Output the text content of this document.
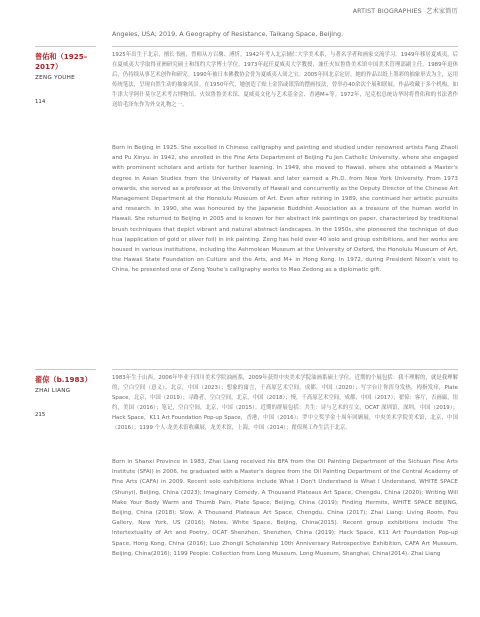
ARTIST BIOGRAPHIES 艺术家简历
Angeles, USA; 2019, A Geography of Resistance, Taikang Space, Beijing.
曾佑和（1925–2017）
ZENG YOUHE
114
1925年出生于北京，擅长书画，曾师从方召麐、溥忻。1942年考入北京辅仁大学美术系，与著名学者和画家交流学习。1949年移居夏威夷，后在夏威夷大学取得亚洲研究硕士和纽约大学博士学位。1973年起任夏威夷大学教授，兼任火奴鲁鲁美术馆中国美术管理部副主任。1989年退休后，仍持续从事艺术创作和研究。1990年被日本佛教协会誉为夏威夷人间之宝。2005年回北京定居。她的作品以纸上墨彩的抽象形式为主，运用传统笔法，呈现自然生动的抽象风景。在1950年代，她创造了贴上金箔或银箔的摆画技法，曾举办40余次个展和联展，作品收藏于多个机构，如牛津大学阿什莫尔艺术考古博物馆、火奴鲁鲁美术馆、夏威夷文化与艺术基金会、香港M+等。1972年，尼克松总统访华时将曾佑和的书法著作送给毛泽东作为外交礼物之一。
Born in Beijing in 1925. She excelled in Chinese calligraphy and painting and studied under renowned artists Fang Zhaoli and Pu Xinyu. In 1942, she enrolled in the Fine Arts Department of Beijing Fu Jen Catholic University, where she engaged with prominent scholars and artists for further learning. In 1949, she moved to Hawaii, where she obtained a Master's degree in Asian Studies from the University of Hawaii and later earned a Ph.D. from New York University. From 1973 onwards, she served as a professor at the University of Hawaii and concurrently as the Deputy Director of the Chinese Art Management Department at the Honolulu Museum of Art. Even after retiring in 1989, she continued her artistic pursuits and research. In 1990, she was honoured by the Japanese Buddhist Association as a treasure of the human world in Hawaii. She returned to Beijing in 2005 and is known for her abstract ink paintings on paper, characterized by traditional brush techniques that depict vibrant and natural abstract landscapes. In the 1950s, she pioneered the technique of duo hua (application of gold or silver foil) in ink painting. Zeng has held over 40 solo and group exhibitions, and her works are housed in various institutions, including the Ashmolean Museum at the University of Oxford, the Honolulu Museum of Art, the Hawaii State Foundation on Culture and the Arts, and M+ in Hong Kong. In 1972, during President Nixon's visit to China, he presented one of Zeng Youhe's calligraphy works to Mao Zedong as a diplomatic gift.
翟倞（b.1983）
ZHAI LIANG
215
1983年生于山西。2006年毕业于四川美术学院油画系，2009年获得中央美术学院油画系硕士学位。近期的个展包括：我不理解的，就是我理解的，空白空间（意义），北京，中国（2023）；想象的寓言，千高原艺术空间，成都，中国（2020）；写字台让你浑身发热，拇指发痒，Plate Space，北京，中国（2019）；寻路者，空白空间，北京，中国（2018）；慢，千高原艺术空间，成都，中国（2017）；翟倞：客厅，否画廊，纽约，美国（2016）；笔记，空白空间，北京，中国（2015）。近期的群展包括：共生：诗与艺术的互文，OCAT 深圳馆，深圳，中国（2019）；Hack Space，K11 Art Foundation Pop-up Space，香港，中国（2016）；罗中立奖学金十周年回顾展，中央美术学院美术馆，北京，中国（2016）；1199 个人·龙美术馆收藏展，龙美术馆，上海，中国（2014）；翟倞现工作生活于北京。
Born in Shanxi Province in 1983, Zhai Liang received his BFA from the Oil Painting Department of the Sichuan Fine Arts Institute (SFAI) in 2006, he graduated with a Master's degree from the Oil Painting Department of the Central Academy of Fine Arts (CAFA) in 2009. Recent solo exhibitions include What I Don't Understand is What I Understand, WHITE SPACE (Shunyi), Beijing, China (2023); Imaginary Comedy, A Thousand Plateaus Art Space, Chengdu, China (2020); Writing Will Make Your Body Warm and Thumb Pain, Plate Space, Beijing, China (2019); Finding Hermits, WHITE SPACE BEIJING, Beijing, China (2018); Slow, A Thousand Plateaus Art Space, Chengdu, China (2017); Zhai Liang: Living Room, Fou Gallery, New York, US (2016); Notes, White Space, Beijing, China(2015). Recent group exhibitions include The Intertextuality of Art and Poetry, OCAT Shenzhen, Shenzhen, China (2019); Hack Space, K11 Art Foundation Pop-up Space, Hong Kong, China (2016); Luo Zhongli Scholarship 10th Anniversary Retrospective Exhibition, CAFA Art Museum, Beijing, China(2016); 1199 People: Collection from Long Museum, Long Museum, Shanghai, China(2014). Zhai Liang
